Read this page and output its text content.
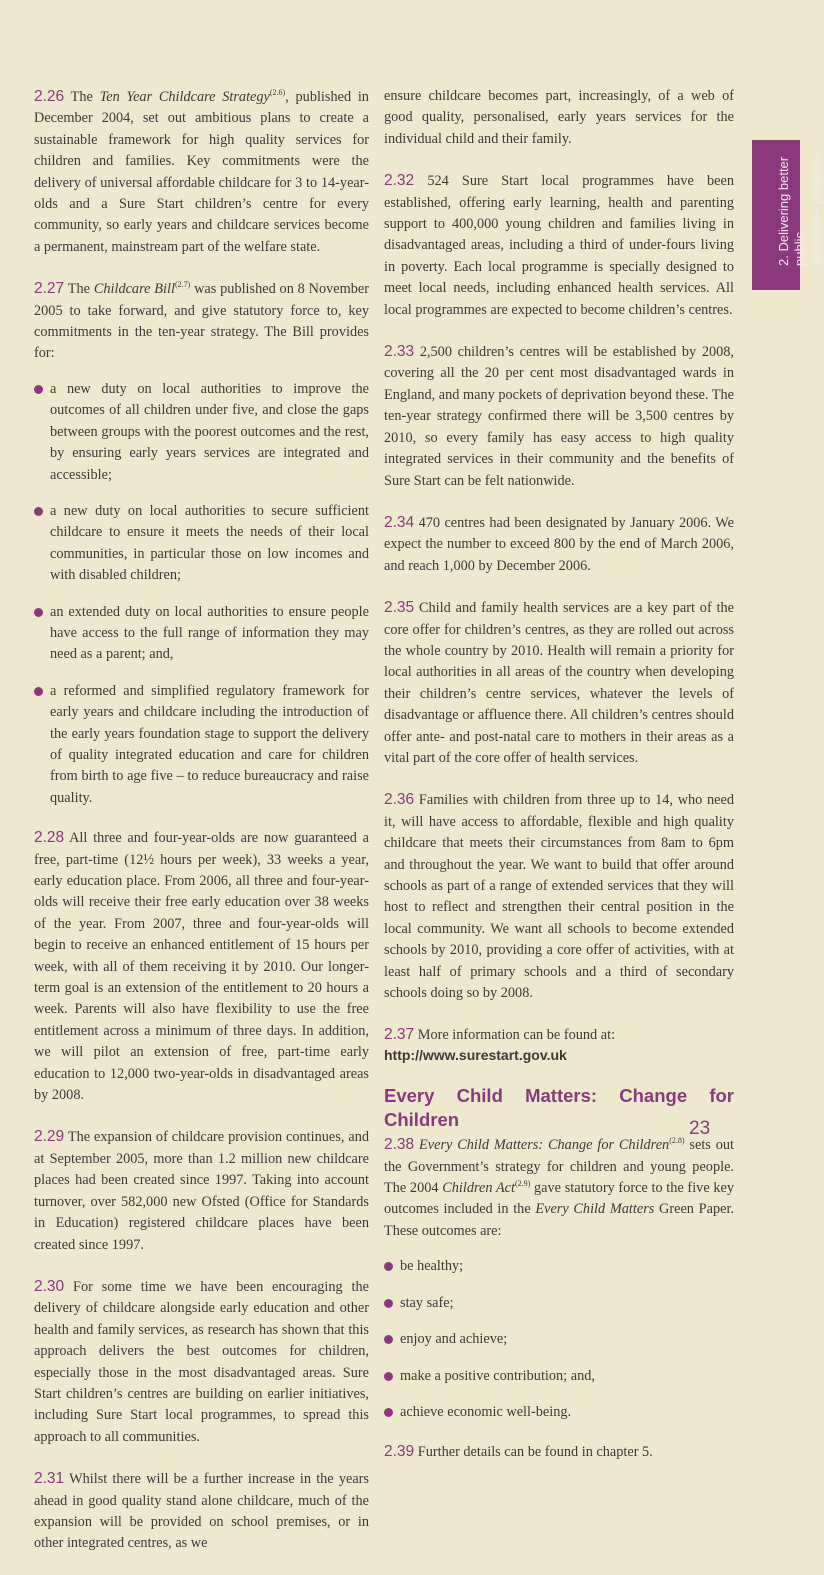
2.26 The Ten Year Childcare Strategy$^{(2.6)}$, published in December 2004, set out ambitious plans to create a sustainable framework for high quality services for children and families. Key commitments were the delivery of universal affordable childcare for 3 to 14-year-olds and a Sure Start children’s centre for every community, so early years and childcare services become a permanent, mainstream part of the welfare state.

2.27 The Childcare Bill$^{(2.7)}$ was published on 8 November 2005 to take forward, and give statutory force to, key commitments in the ten-year strategy. The Bill provides for:

a new duty on local authorities to improve the outcomes of all children under five, and close the gaps between groups with the poorest outcomes and the rest, by ensuring early years services are integrated and accessible;
a new duty on local authorities to secure sufficient childcare to ensure it meets the needs of their local communities, in particular those on low incomes and with disabled children;
an extended duty on local authorities to ensure people have access to the full range of information they may need as a parent; and,
a reformed and simplified regulatory framework for early years and childcare including the introduction of the early years foundation stage to support the delivery of quality integrated education and care for children from birth to age five – to reduce bureaucracy and raise quality.

2.28 All three and four-year-olds are now guaranteed a free, part-time (12½ hours per week), 33 weeks a year, early education place. From 2006, all three and four-year-olds will receive their free early education over 38 weeks of the year. From 2007, three and four-year-olds will begin to receive an enhanced entitlement of 15 hours per week, with all of them receiving it by 2010. Our longer-term goal is an extension of the entitlement to 20 hours a week. Parents will also have flexibility to use the free entitlement across a minimum of three days. In addition, we will pilot an extension of free, part-time early education to 12,000 two-year-olds in disadvantaged areas by 2008.

2.29 The expansion of childcare provision continues, and at September 2005, more than 1.2 million new childcare places had been created since 1997. Taking into account turnover, over 582,000 new Ofsted (Office for Standards in Education) registered childcare places have been created since 1997.

2.30 For some time we have been encouraging the delivery of childcare alongside early education and other health and family services, as research has shown that this approach delivers the best outcomes for children, especially those in the most disadvantaged areas. Sure Start children’s centres are building on earlier initiatives, including Sure Start local programmes, to spread this approach to all communities.

2.31 Whilst there will be a further increase in the years ahead in good quality stand alone childcare, much of the expansion will be provided on school premises, or in other integrated centres, as we

ensure childcare becomes part, increasingly, of a web of good quality, personalised, early years services for the individual child and their family.

2.32 524 Sure Start local programmes have been established, offering early learning, health and parenting support to 400,000 young children and families living in disadvantaged areas, including a third of under-fours living in poverty. Each local programme is specially designed to meet local needs, including enhanced health services. All local programmes are expected to become children’s centres.

2.33 2,500 children’s centres will be established by 2008, covering all the 20 per cent most disadvantaged wards in England, and many pockets of deprivation beyond these. The ten-year strategy confirmed there will be 3,500 centres by 2010, so every family has easy access to high quality integrated services in their community and the benefits of Sure Start can be felt nationwide.

2.34 470 centres had been designated by January 2006. We expect the number to exceed 800 by the end of March 2006, and reach 1,000 by December 2006.

2.35 Child and family health services are a key part of the core offer for children’s centres, as they are rolled out across the whole country by 2010. Health will remain a priority for local authorities in all areas of the country when developing their children’s centre services, whatever the levels of disadvantage or affluence there. All children’s centres should offer ante- and post-natal care to mothers in their areas as a vital part of the core offer of health services.

2.36 Families with children from three up to 14, who need it, will have access to affordable, flexible and high quality childcare that meets their circumstances from 8am to 6pm and throughout the year. We want to build that offer around schools as part of a range of extended services that they will host to reflect and strengthen their central position in the local community. We want all schools to become extended schools by 2010, providing a core offer of activities, with at least half of primary schools and a third of secondary schools doing so by 2008.

2.37 More information can be found at:

http://www.surestart.gov.uk
Every Child Matters: Change for Children

2.38 Every Child Matters: Change for Children$^{(2.8)}$ sets out the Government’s strategy for children and young people. The 2004 Children Act$^{(2.9)}$ gave statutory force to the five key outcomes included in the Every Child Matters Green Paper. These outcomes are:

be healthy;
stay safe;
enjoy and achieve;
make a positive contribution; and,
achieve economic well-being.

2.39 Further details can be found in chapter 5.

2. Delivering better public services – progress
23
